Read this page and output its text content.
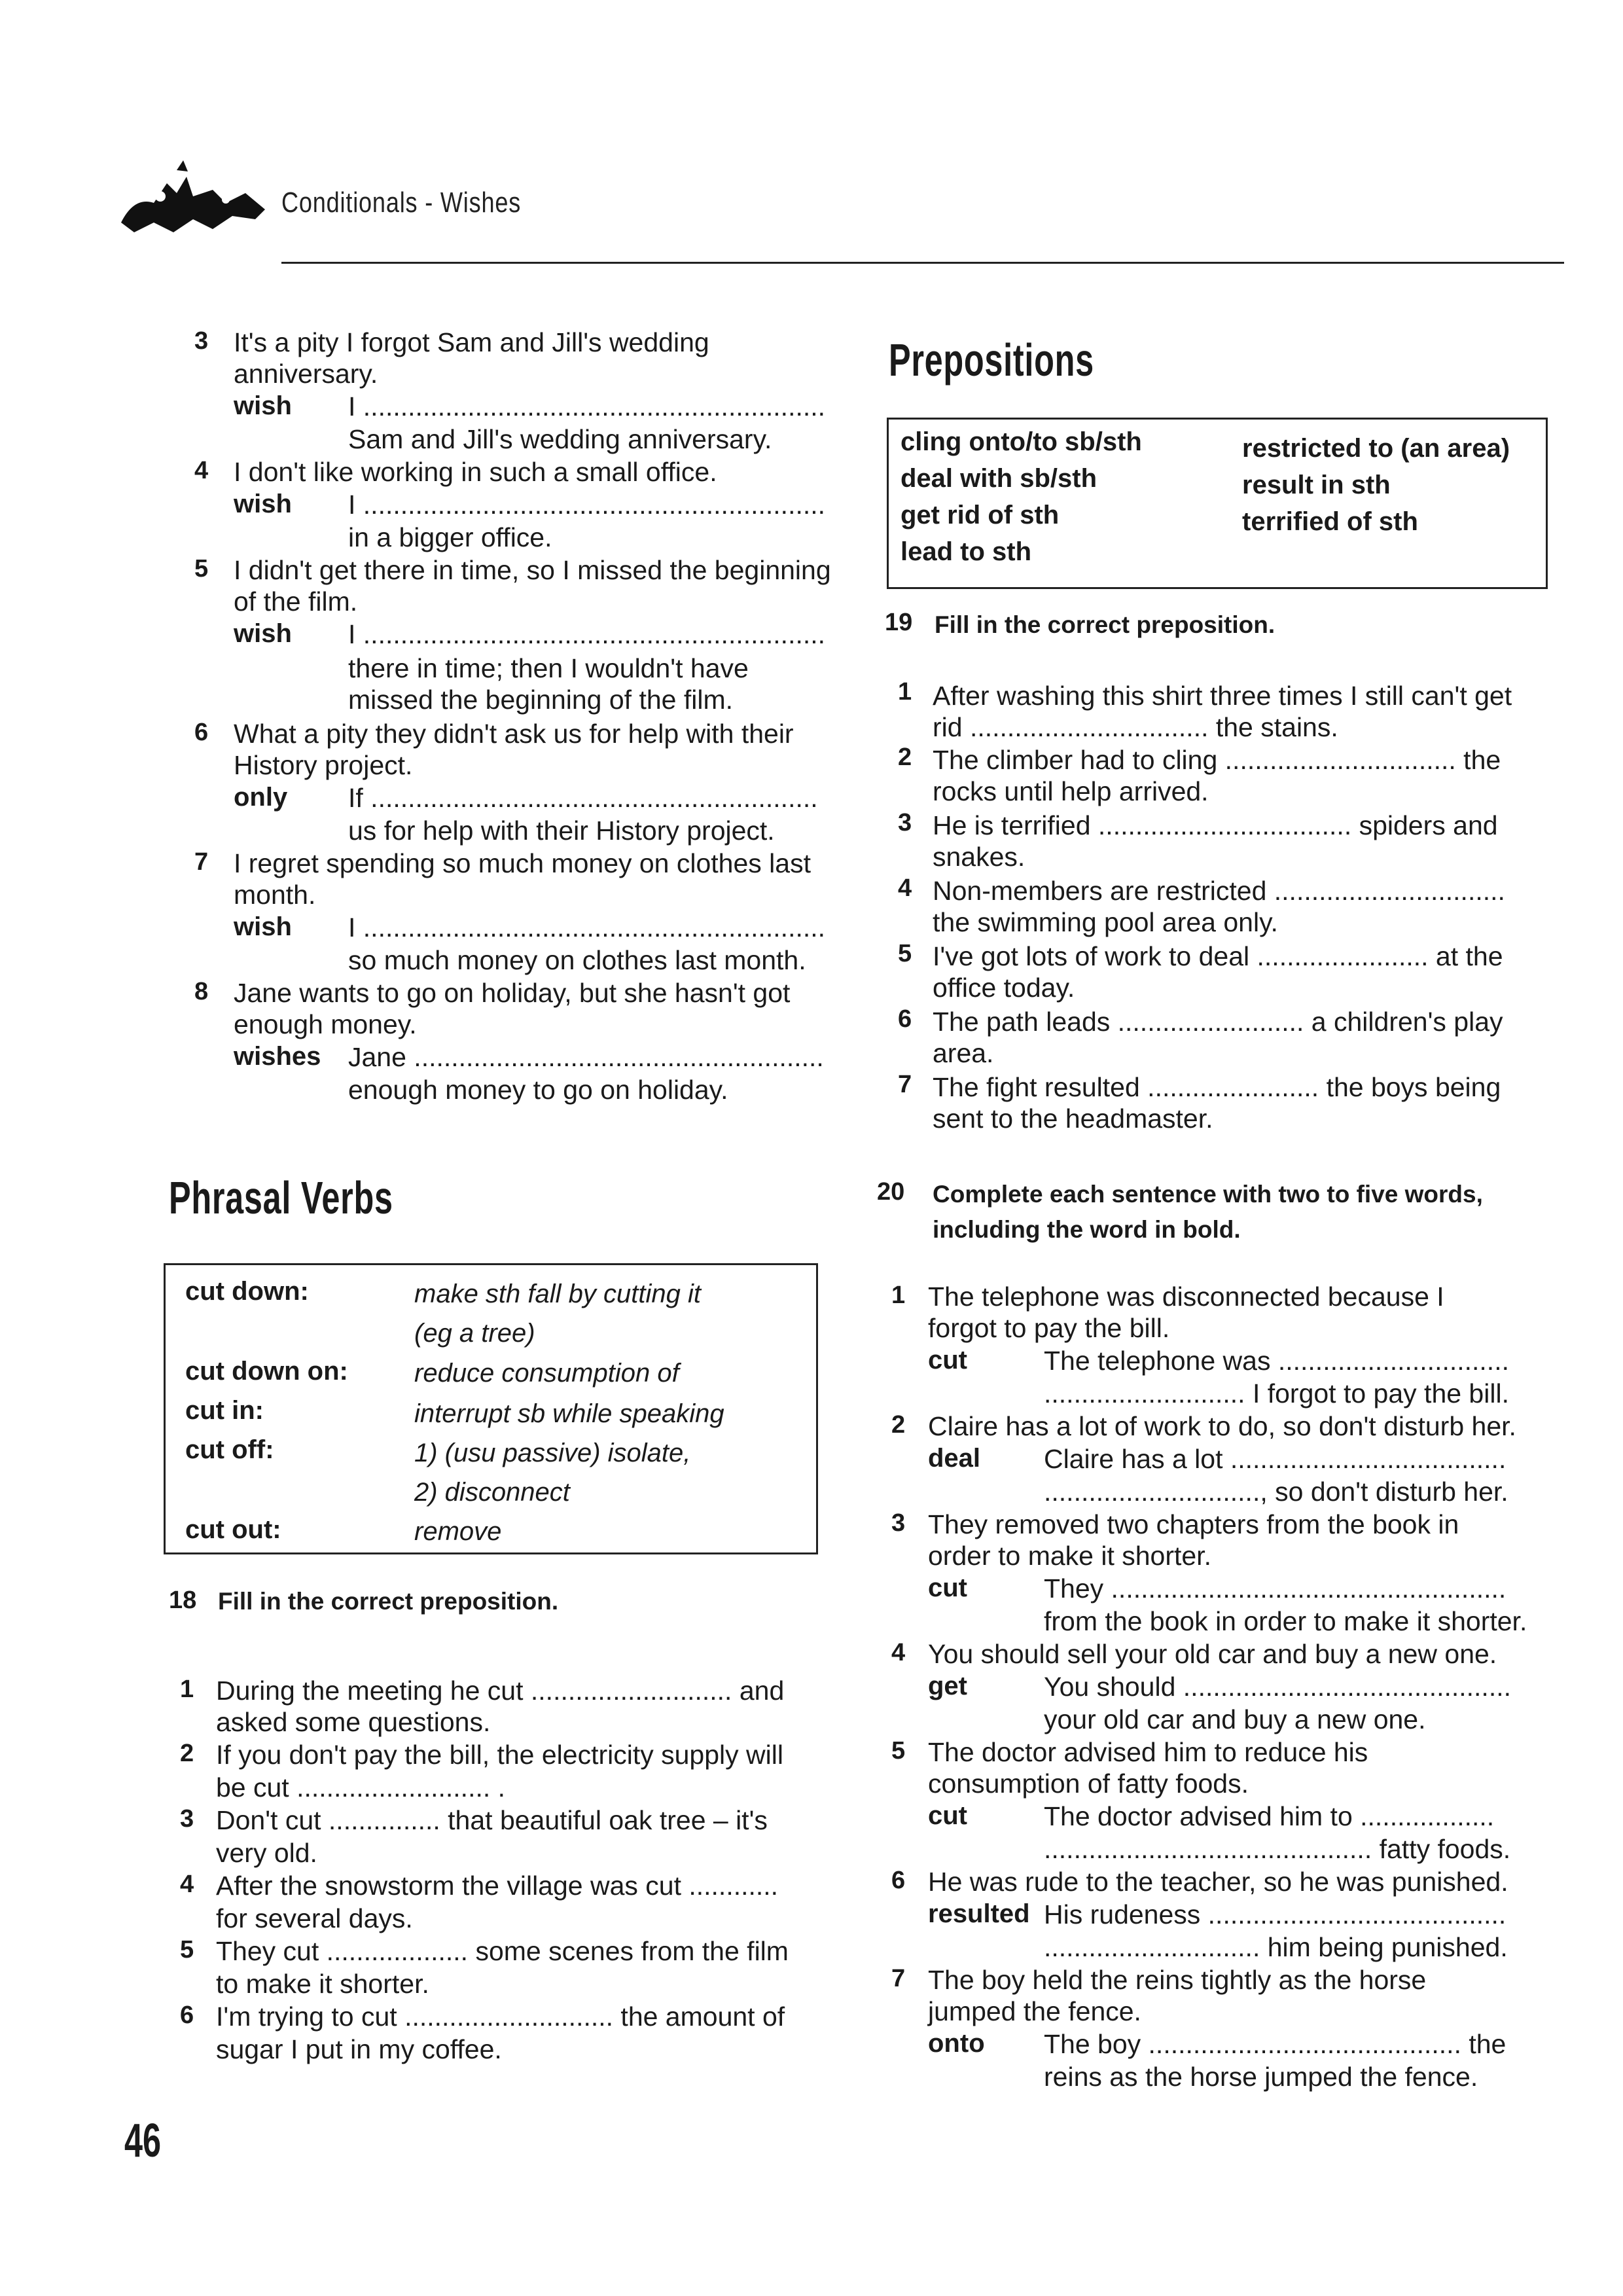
Conditionals - Wishes
3 It's a pity I forgot Sam and Jill's wedding
anniversary.
wish I ..............................................................
Sam and Jill's wedding anniversary.
4 I don't like working in such a small office.
wish I ..............................................................
in a bigger office.
5 I didn't get there in time, so I missed the beginning
of the film.
wish I ..............................................................
there in time; then I wouldn't have
missed the beginning of the film.
6 What a pity they didn't ask us for help with their
History project.
only If ............................................................
us for help with their History project.
7 I regret spending so much money on clothes last
month.
wish I ..............................................................
so much money on clothes last month.
8 Jane wants to go on holiday, but she hasn't got
enough money.
wishes Jane .......................................................
enough money to go on holiday.
Phrasal Verbs
cut down:	make sth fall by cutting it
(eg a tree)
cut down on:	reduce consumption of
cut in:	interrupt sb while speaking
cut off:	1) (usu passive) isolate,
2) disconnect
cut out:	remove
18 Fill in the correct preposition.
1 During the meeting he cut ........................... and
asked some questions.
2 If you don't pay the bill, the electricity supply will
be cut .......................... .
3 Don't cut ............... that beautiful oak tree – it's
very old.
4 After the snowstorm the village was cut ............
for several days.
5 They cut ................... some scenes from the film
to make it shorter.
6 I'm trying to cut ............................ the amount of
sugar I put in my coffee.
46
Prepositions
cling onto/to sb/sth
deal with sb/sth
get rid of sth
lead to sth
restricted to (an area)
result in sth
terrified of sth
19 Fill in the correct preposition.
1 After washing this shirt three times I still can't get
rid ................................ the stains.
2 The climber had to cling ............................... the
rocks until help arrived.
3 He is terrified .................................. spiders and
snakes.
4 Non-members are restricted ...............................
the swimming pool area only.
5 I've got lots of work to deal ....................... at the
office today.
6 The path leads ......................... a children's play
area.
7 The fight resulted ....................... the boys being
sent to the headmaster.
20 Complete each sentence with two to five words,
including the word in bold.
1 The telephone was disconnected because I
forgot to pay the bill.
cut	The telephone was ...............................
........................... I forgot to pay the bill.
2 Claire has a lot of work to do, so don't disturb her.
deal Claire has a lot .....................................
............................., so don't disturb her.
3 They removed two chapters from the book in
order to make it shorter.
cut	They .....................................................
from the book in order to make it shorter.
4 You should sell your old car and buy a new one.
get	You should ............................................
your old car and buy a new one.
5 The doctor advised him to reduce his
consumption of fatty foods.
cut	The doctor advised him to ..................
............................................ fatty foods.
6 He was rude to the teacher, so he was punished.
resulted His rudeness ........................................
............................. him being punished.
7 The boy held the reins tightly as the horse
jumped the fence.
onto The boy .......................................... the
reins as the horse jumped the fence.
